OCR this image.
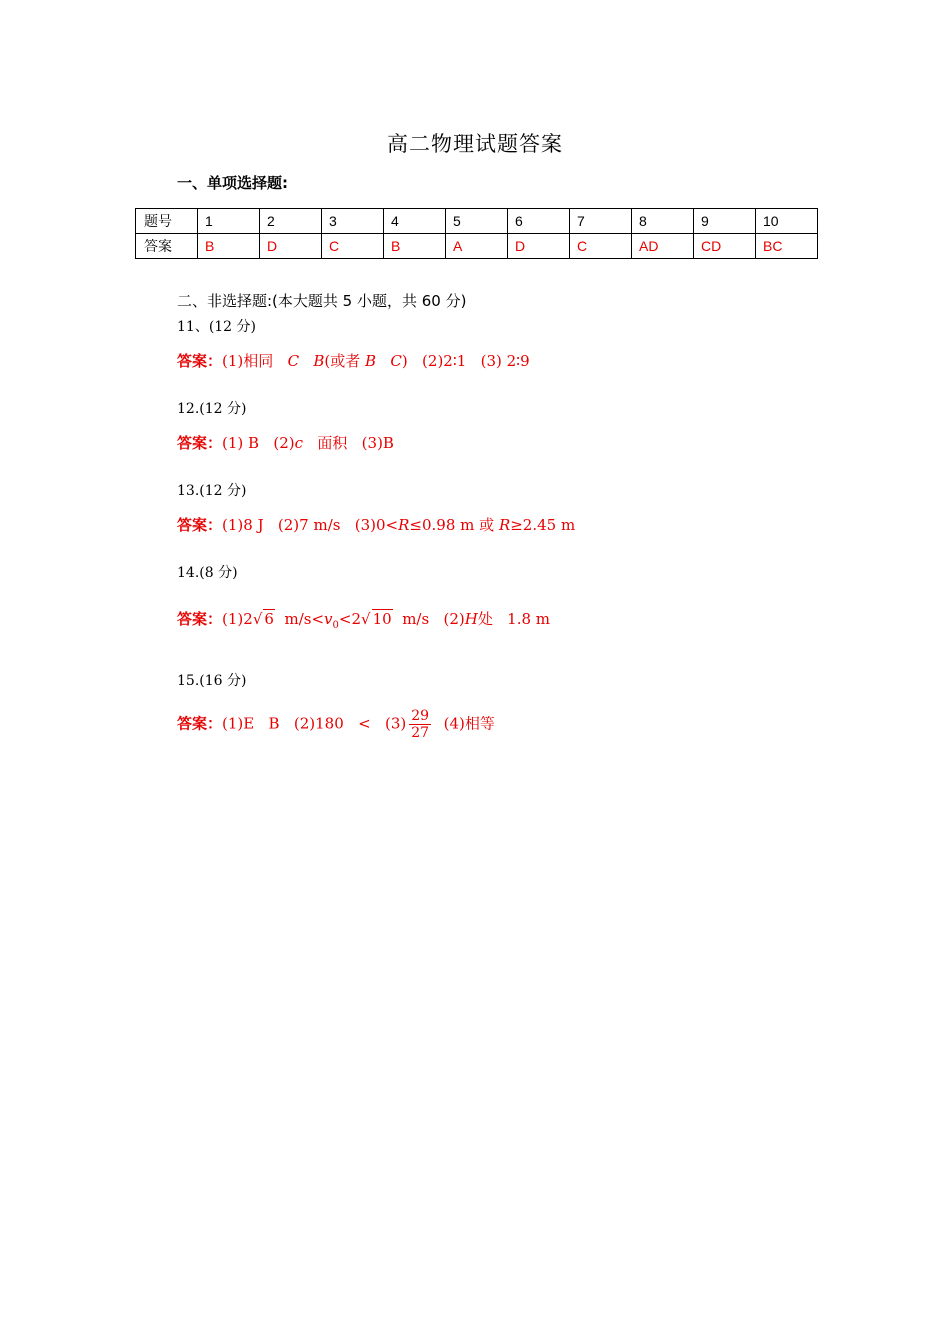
高二物理试题答案
一、单项选择题:
题号	1	2	3	4	5	6	7	8	9	10
答案	B	D	C	B	A	D	C	AD	CD	BC
二、非选择题:(本大题共 5 小题，共 60 分)
11、(12 分)
答案：(1)相同 C B(或者 B C) (2)2∶1 (3) 2∶9
12.(12 分)
答案：(1) B (2)c 面积 (3)B
13.(12 分)
答案：(1)8 J (2)7 m/s (3)0<R≤0.98 m 或 R≥2.45 m
14.(8 分)
答案：(1)2√ 6 $m/s<v_0<2√$ 10 m/s (2)H处 1.8 m
15.(16 分)
答案：(1)E B $(2)180 < (3) \frac{29}{27} (4)$相等
